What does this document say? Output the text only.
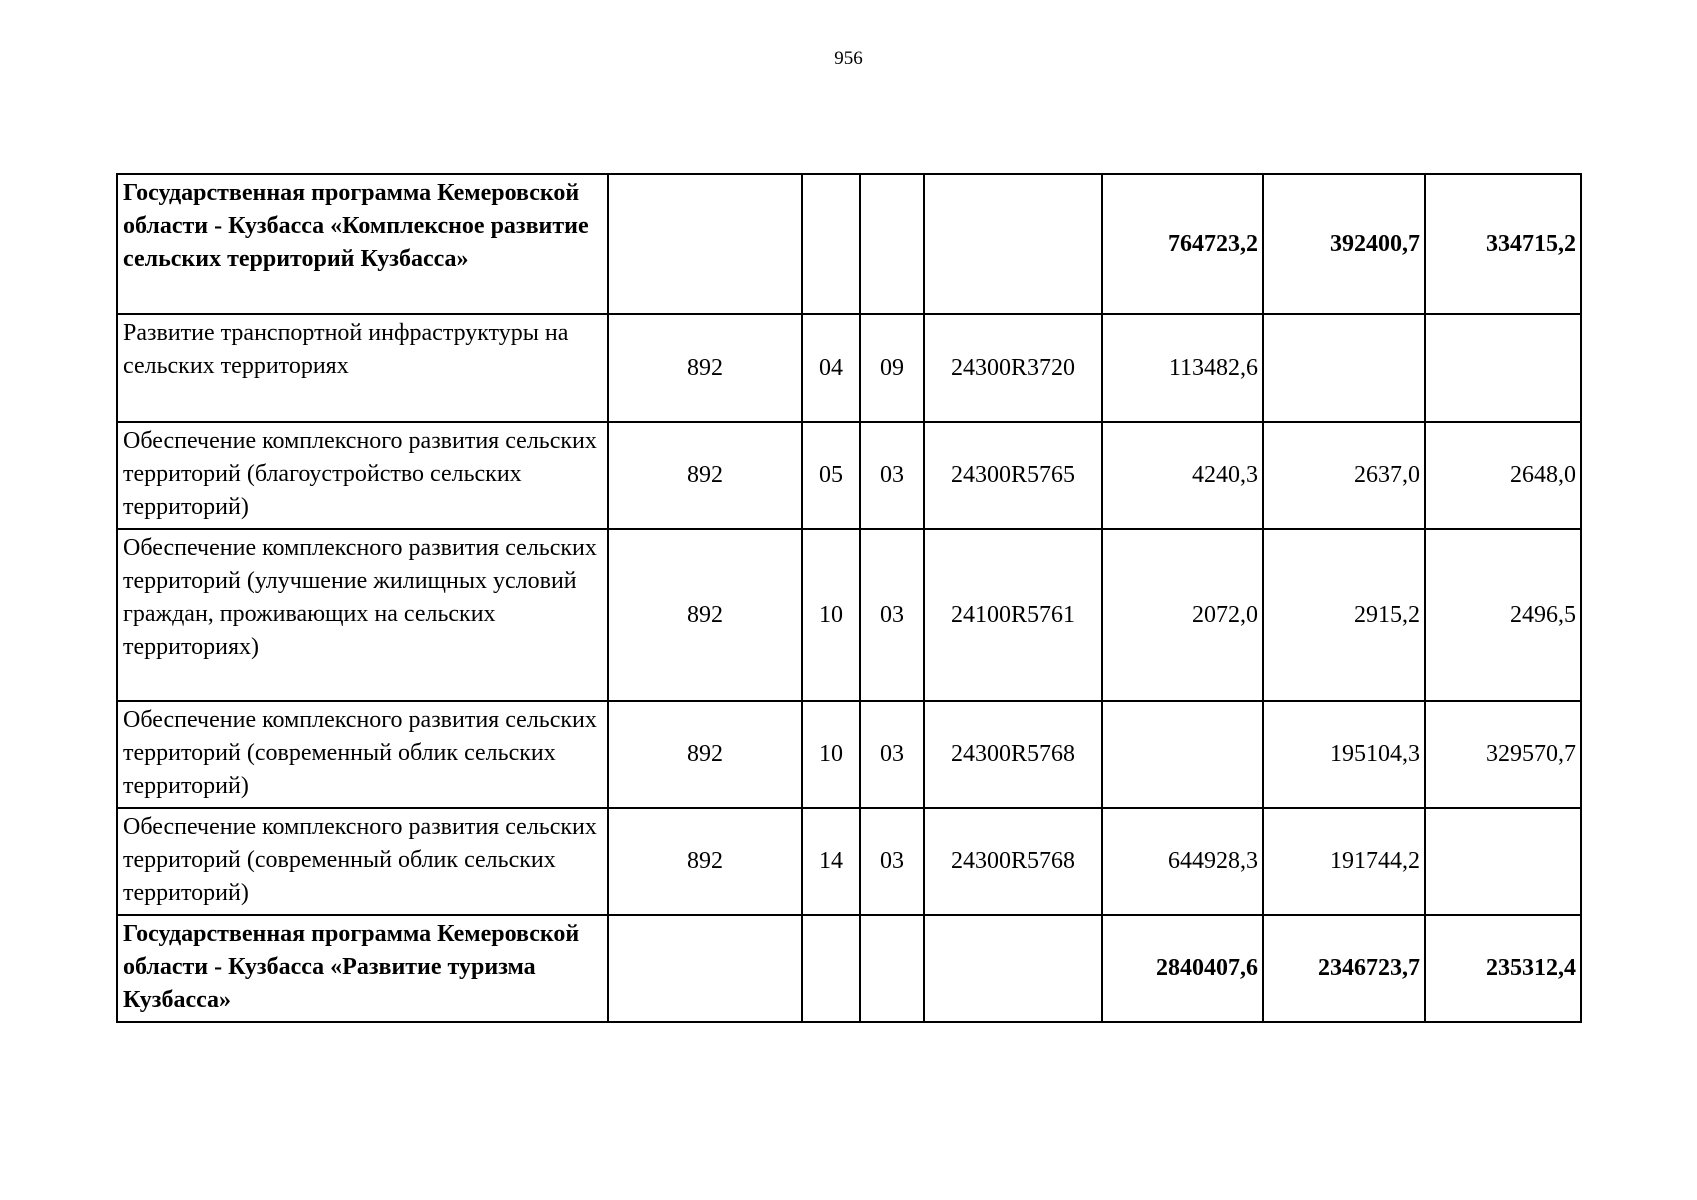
956
Государственная программа Кемеровской области - Кузбасса «Комплексное развитие сельских территорий Кузбасса»					764723,2	392400,7	334715,2
Развитие транспортной инфраструктуры на сельских территориях	892	04	09	24300R3720	113482,6		
Обеспечение комплексного развития сельских территорий (благоустройство сельских территорий)	892	05	03	24300R5765	4240,3	2637,0	2648,0
Обеспечение комплексного развития сельских территорий (улучшение жилищных условий граждан, проживающих на сельских территориях)	892	10	03	24100R5761	2072,0	2915,2	2496,5
Обеспечение комплексного развития сельских территорий (современный облик сельских территорий)	892	10	03	24300R5768		195104,3	329570,7
Обеспечение комплексного развития сельских территорий (современный облик сельских территорий)	892	14	03	24300R5768	644928,3	191744,2	
Государственная программа Кемеровской области - Кузбасса «Развитие туризма Кузбасса»					2840407,6	2346723,7	235312,4
